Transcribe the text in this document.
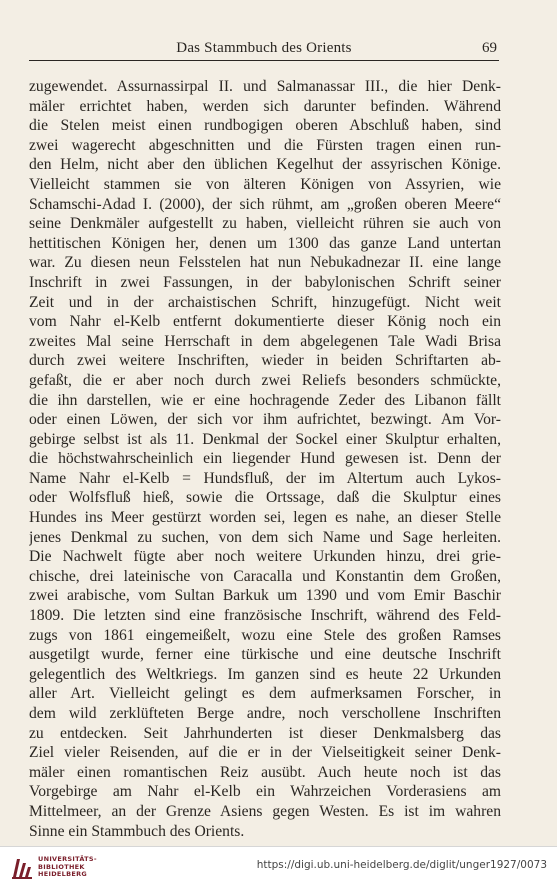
Das Stammbuch des Orients	69
zugewendet. Assurnassirpal II. und Salmanassar III., die hier Denk-
mäler errichtet haben, werden sich darunter befinden. Während
die Stelen meist einen rundbogigen oberen Abschluß haben, sind
zwei wagerecht abgeschnitten und die Fürsten tragen einen run-
den Helm, nicht aber den üblichen Kegelhut der assyrischen Könige.
Vielleicht stammen sie von älteren Königen von Assyrien, wie
Schamschi-Adad I. (2000), der sich rühmt, am „großen oberen Meere“
seine Denkmäler aufgestellt zu haben, vielleicht rühren sie auch von
hettitischen Königen her, denen um 1300 das ganze Land untertan
war. Zu diesen neun Felsstelen hat nun Nebukadnezar II. eine lange
Inschrift in zwei Fassungen, in der babylonischen Schrift seiner
Zeit und in der archaistischen Schrift, hinzugefügt. Nicht weit
vom Nahr el-Kelb entfernt dokumentierte dieser König noch ein
zweites Mal seine Herrschaft in dem abgelegenen Tale Wadi Brisa
durch zwei weitere Inschriften, wieder in beiden Schriftarten ab-
gefaßt, die er aber noch durch zwei Reliefs besonders schmückte,
die ihn darstellen, wie er eine hochragende Zeder des Libanon fällt
oder einen Löwen, der sich vor ihm aufrichtet, bezwingt. Am Vor-
gebirge selbst ist als 11. Denkmal der Sockel einer Skulptur erhalten,
die höchstwahrscheinlich ein liegender Hund gewesen ist. Denn der
Name Nahr el-Kelb = Hundsfluß, der im Altertum auch Lykos-
oder Wolfsfluß hieß, sowie die Ortssage, daß die Skulptur eines
Hundes ins Meer gestürzt worden sei, legen es nahe, an dieser Stelle
jenes Denkmal zu suchen, von dem sich Name und Sage herleiten.
Die Nachwelt fügte aber noch weitere Urkunden hinzu, drei grie-
chische, drei lateinische von Caracalla und Konstantin dem Großen,
zwei arabische, vom Sultan Barkuk um 1390 und vom Emir Baschir
1809. Die letzten sind eine französische Inschrift, während des Feld-
zugs von 1861 eingemeißelt, wozu eine Stele des großen Ramses
ausgetilgt wurde, ferner eine türkische und eine deutsche Inschrift
gelegentlich des Weltkriegs. Im ganzen sind es heute 22 Urkunden
aller Art. Vielleicht gelingt es dem aufmerksamen Forscher, in
dem wild zerklüfteten Berge andre, noch verschollene Inschriften
zu entdecken. Seit Jahrhunderten ist dieser Denkmalsberg das
Ziel vieler Reisenden, auf die er in der Vielseitigkeit seiner Denk-
mäler einen romantischen Reiz ausübt. Auch heute noch ist das
Vorgebirge am Nahr el-Kelb ein Wahrzeichen Vorderasiens am
Mittelmeer, an der Grenze Asiens gegen Westen. Es ist im wahren
Sinne ein Stammbuch des Orients.
UNIVERSITÄTS-
BIBLIOTHEK
HEIDELBERG
https://digi.ub.uni-heidelberg.de/diglit/unger1927/0073
